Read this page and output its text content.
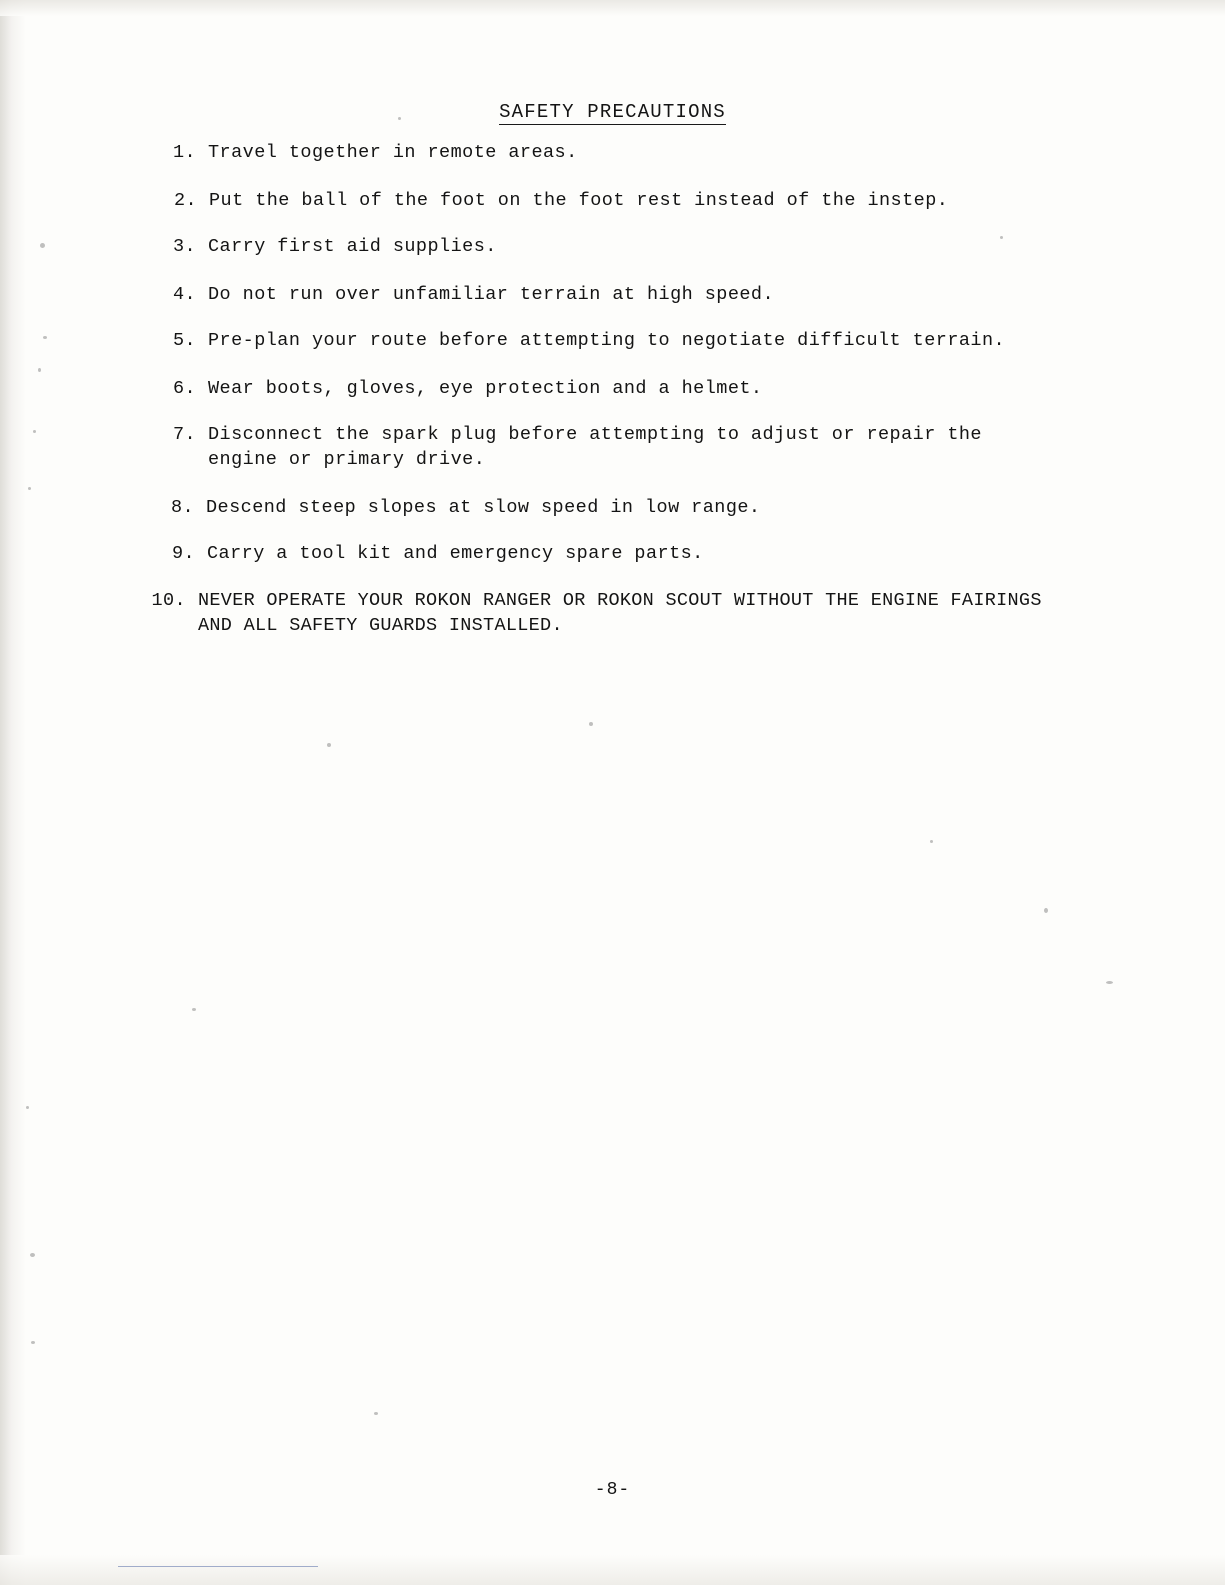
SAFETY PRECAUTIONS
1. Travel together in remote areas.
2. Put the ball of the foot on the foot rest instead of the instep.
3. Carry first aid supplies.
4. Do not run over unfamiliar terrain at high speed.
5. Pre-plan your route before attempting to negotiate difficult terrain.
6. Wear boots, gloves, eye protection and a helmet.
7. Disconnect the spark plug before attempting to adjust or repair the
engine or primary drive.
8. Descend steep slopes at slow speed in low range.
9. Carry a tool kit and emergency spare parts.
10. NEVER OPERATE YOUR ROKON RANGER OR ROKON SCOUT WITHOUT THE ENGINE FAIRINGS
AND ALL SAFETY GUARDS INSTALLED.
-8-
